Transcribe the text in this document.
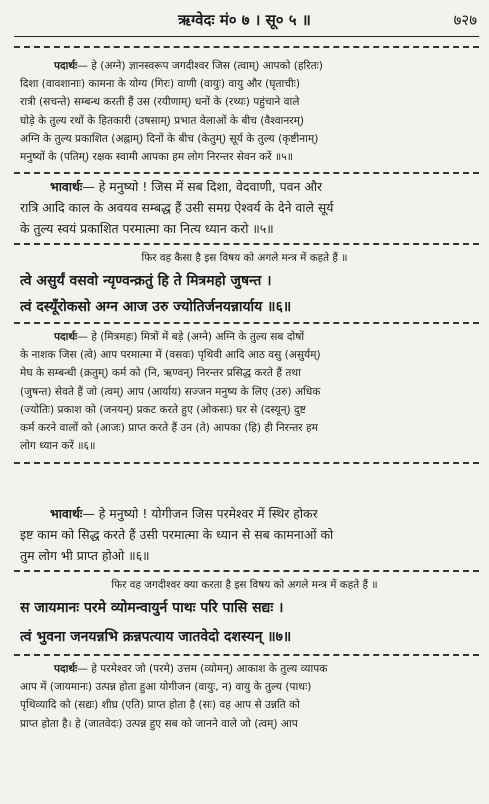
ऋग्वेदः मं० ७ । सू० ५ ॥	७२७
पदार्थः— हे (अग्ने) ज्ञानस्वरूप जगदीश्वर जिस (त्वाम्) आपको (हरितः)
दिशा (वावशानाः) कामना के योग्य (गिरः) वाणी (वायुः) वायु और (घृताचीः)
रात्री (सचन्ते) सम्बन्ध करती हैं उस (रयीणाम्) धनों के (रथ्यः) पहुंचाने वाले
घोड़े के तुल्य रथों के हितकारी (उषसाम्) प्रभात वेलाओं के बीच (वैश्वानरम्)
अग्नि के तुल्य प्रकाशित (अह्नाम्) दिनों के बीच (केतुम्) सूर्य के तुल्य (कृष्टीनाम्)
मनुष्यों के (पतिम्) रक्षक स्वामी आपका हम लोग निरन्तर सेवन करें ॥५॥
भावार्थः— हे मनुष्यो ! जिस में सब दिशा, वेदवाणी, पवन और
रात्रि आदि काल के अवयव सम्बद्ध हैं उसी समग्र ऐश्वर्य के देने वाले सूर्य
के तुल्य स्वयं प्रकाशित परमात्मा का नित्य ध्यान करो ॥५॥
फिर वह कैसा है इस विषय को अगले मन्त्र में कहते हैं ॥
त्वे असुर्यं वसवो न्यृण्वन्क्रतुं हि ते मित्रमहो जुषन्त ।
त्वं दस्यूँरोकसो अग्न आज उरु ज्योतिर्जनयन्नार्याय ॥६॥
पदार्थः— हे (मित्रमहः) मित्रों में बड़े (अग्ने) अग्नि के तुल्य सब दोषों
के नाशक जिस (त्वे) आप परमात्मा में (वसवः) पृथिवी आदि आठ वसु (असुर्यम्)
मेघ के सम्बन्धी (क्रतुम्) कर्म को (नि, ऋण्वन्) निरन्तर प्रसिद्ध करते हैं तथा
(जुषन्त) सेवते हैं जो (त्वम्) आप (आर्याय) सज्जन मनुष्य के लिए (उरु) अधिक
(ज्योतिः) प्रकाश को (जनयन्) प्रकट करते हुए (ओकसः) घर से (दस्यून्) दुष्ट
कर्म करने वालों को (आजः) प्राप्त करते हैं उन (ते) आपका (हि) ही निरन्तर हम
लोग ध्यान करें ॥६॥
भावार्थः— हे मनुष्यो ! योगीजन जिस परमेश्वर में स्थिर होकर
इष्ट काम को सिद्ध करते हैं उसी परमात्मा के ध्यान से सब कामनाओं को
तुम लोग भी प्राप्त होओ ॥६॥
फिर वह जगदीश्वर क्या करता है इस विषय को अगले मन्त्र में कहते हैं ॥
स जायमानः परमे व्योमन्वायुर्न पाथः परि पासि सद्यः ।
त्वं भुवना जनयन्नभि क्रन्नपत्याय जातवेदो दशस्यन् ॥७॥
पदार्थः— हे परमेश्वर जो (परमे) उत्तम (व्योमन्) आकाश के तुल्य व्यापक
आप में (जायमानः) उत्पन्न होता हुआ योगीजन (वायुः, न) वायु के तुल्य (पाथः)
पृथिव्यादि को (सद्यः) शीघ्र (एति) प्राप्त होता है (सः) वह आप से उन्नति को
प्राप्त होता है। हे (जातवेदः) उत्पन्न हुए सब को जानने वाले जो (त्वम्) आप
